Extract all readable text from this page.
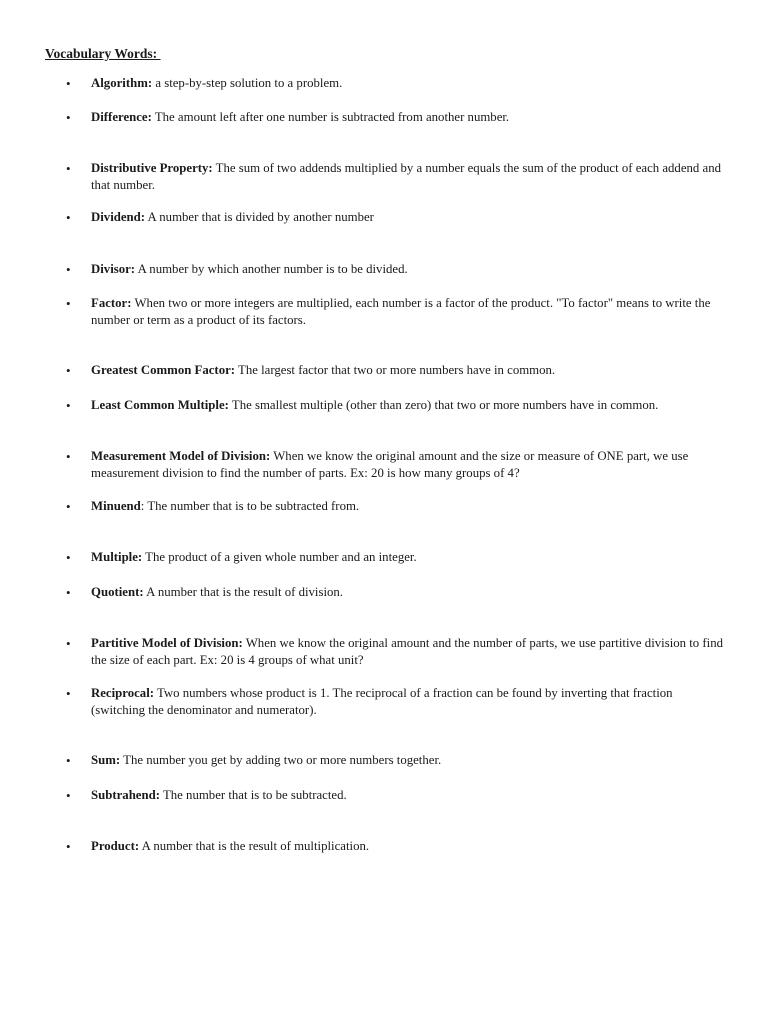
Vocabulary Words:
• Algorithm: a step-by-step solution to a problem.
• Difference: The amount left after one number is subtracted from another number.
• Distributive Property: The sum of two addends multiplied by a number equals the sum of the product of each addend and that number.
• Dividend: A number that is divided by another number
• Divisor: A number by which another number is to be divided.
• Factor: When two or more integers are multiplied, each number is a factor of the product. "To factor" means to write the number or term as a product of its factors.
• Greatest Common Factor: The largest factor that two or more numbers have in common.
• Least Common Multiple: The smallest multiple (other than zero) that two or more numbers have in common.
• Measurement Model of Division: When we know the original amount and the size or measure of ONE part, we use measurement division to find the number of parts. Ex: 20 is how many groups of 4?
• Minuend: The number that is to be subtracted from.
• Multiple: The product of a given whole number and an integer.
• Quotient: A number that is the result of division.
• Partitive Model of Division: When we know the original amount and the number of parts, we use partitive division to find the size of each part. Ex: 20 is 4 groups of what unit?
• Reciprocal: Two numbers whose product is 1. The reciprocal of a fraction can be found by inverting that fraction (switching the denominator and numerator).
• Sum: The number you get by adding two or more numbers together.
• Subtrahend: The number that is to be subtracted.
• Product: A number that is the result of multiplication.
